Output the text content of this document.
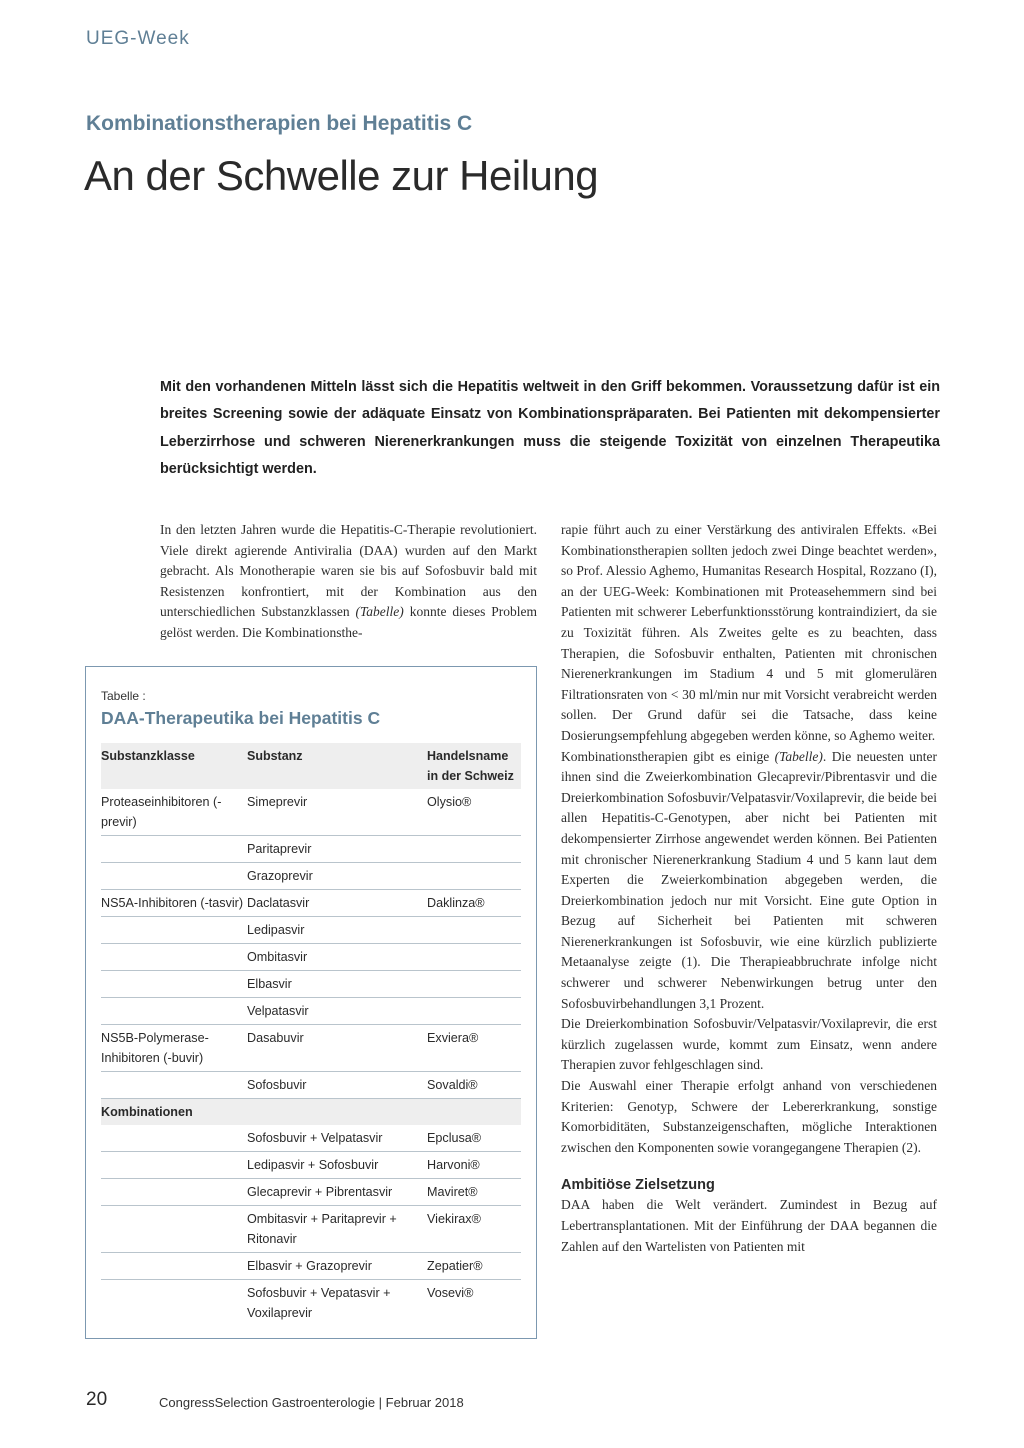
UEG-Week
Kombinationstherapien bei Hepatitis C
An der Schwelle zur Heilung
Mit den vorhandenen Mitteln lässt sich die Hepatitis weltweit in den Griff bekommen. Voraussetzung dafür ist ein breites Screening sowie der adäquate Einsatz von Kombinationspräparaten. Bei Patienten mit dekompensierter Leberzirrhose und schweren Nierenerkrankungen muss die steigende Toxizität von einzelnen Therapeutika berücksichtigt werden.

In den letzten Jahren wurde die Hepatitis-C-Therapie revolutioniert. Viele direkt agierende Antiviralia (DAA) wurden auf den Markt gebracht. Als Monotherapie waren sie bis auf Sofosbuvir bald mit Resistenzen konfrontiert, mit der Kombination aus den unterschiedlichen Substanzklassen (Tabelle) konnte dieses Problem gelöst werden. Die Kombinationsthe-

Tabelle :
DAA-Therapeutika bei Hepatitis C
Substanzklasse	Substanz	Handelsname in der Schweiz
Proteaseinhibitoren (-previr)	Simeprevir	Olysio®
	Paritaprevir	
	Grazoprevir	
NS5A-Inhibitoren (-tasvir)	Daclatasvir	Daklinza®
	Ledipasvir	
	Ombitasvir	
	Elbasvir	
	Velpatasvir	
NS5B-Polymerase-Inhibitoren (-buvir)	Dasabuvir	Exviera®
	Sofosbuvir	Sovaldi®
Kombinationen		
	Sofosbuvir + Velpatasvir	Epclusa®
	Ledipasvir + Sofosbuvir	Harvoni®
	Glecaprevir + Pibrentasvir	Maviret®
	Ombitasvir + Paritaprevir + Ritonavir	Viekirax®
	Elbasvir + Grazoprevir	Zepatier®
	Sofosbuvir + Vepatasvir + Voxilaprevir	Vosevi®

rapie führt auch zu einer Verstärkung des antiviralen Effekts. «Bei Kombinationstherapien sollten jedoch zwei Dinge beachtet werden», so Prof. Alessio Aghemo, Humanitas Research Hospital, Rozzano (I), an der UEG-Week: Kombinationen mit Proteasehemmern sind bei Patienten mit schwerer Leberfunktionsstörung kontraindiziert, da sie zu Toxizität führen. Als Zweites gelte es zu beachten, dass Therapien, die Sofosbuvir enthalten, Patienten mit chronischen Nierenerkrankungen im Stadium 4 und 5 mit glomerulären Filtrationsraten von < 30 ml/min nur mit Vorsicht verabreicht werden sollen. Der Grund dafür sei die Tatsache, dass keine Dosierungsempfehlung abgegeben werden könne, so Aghemo weiter.

Kombinationstherapien gibt es einige (Tabelle). Die neuesten unter ihnen sind die Zweierkombination Glecaprevir/Pibrentasvir und die Dreierkombination Sofosbuvir/Velpatasvir/Voxilaprevir, die beide bei allen Hepatitis-C-Genotypen, aber nicht bei Patienten mit dekompensierter Zirrhose angewendet werden können. Bei Patienten mit chronischer Nierenerkrankung Stadium 4 und 5 kann laut dem Experten die Zweierkombination abgegeben werden, die Dreierkombination jedoch nur mit Vorsicht. Eine gute Option in Bezug auf Sicherheit bei Patienten mit schweren Nierenerkrankungen ist Sofosbuvir, wie eine kürzlich publizierte Metaanalyse zeigte (1). Die Therapieabbruchrate infolge nicht schwerer und schwerer Nebenwirkungen betrug unter den Sofosbuvirbehandlungen 3,1 Prozent.

Die Dreierkombination Sofosbuvir/Velpatasvir/Voxilaprevir, die erst kürzlich zugelassen wurde, kommt zum Einsatz, wenn andere Therapien zuvor fehlgeschlagen sind.

Die Auswahl einer Therapie erfolgt anhand von verschiedenen Kriterien: Genotyp, Schwere der Lebererkrankung, sonstige Komorbiditäten, Substanzeigenschaften, mögliche Interaktionen zwischen den Komponenten sowie vorangegangene Therapien (2).

Ambitiöse Zielsetzung

DAA haben die Welt verändert. Zumindest in Bezug auf Lebertransplantationen. Mit der Einführung der DAA begannen die Zahlen auf den Wartelisten von Patienten mit

20	CongressSelection Gastroenterologie | Februar 2018
